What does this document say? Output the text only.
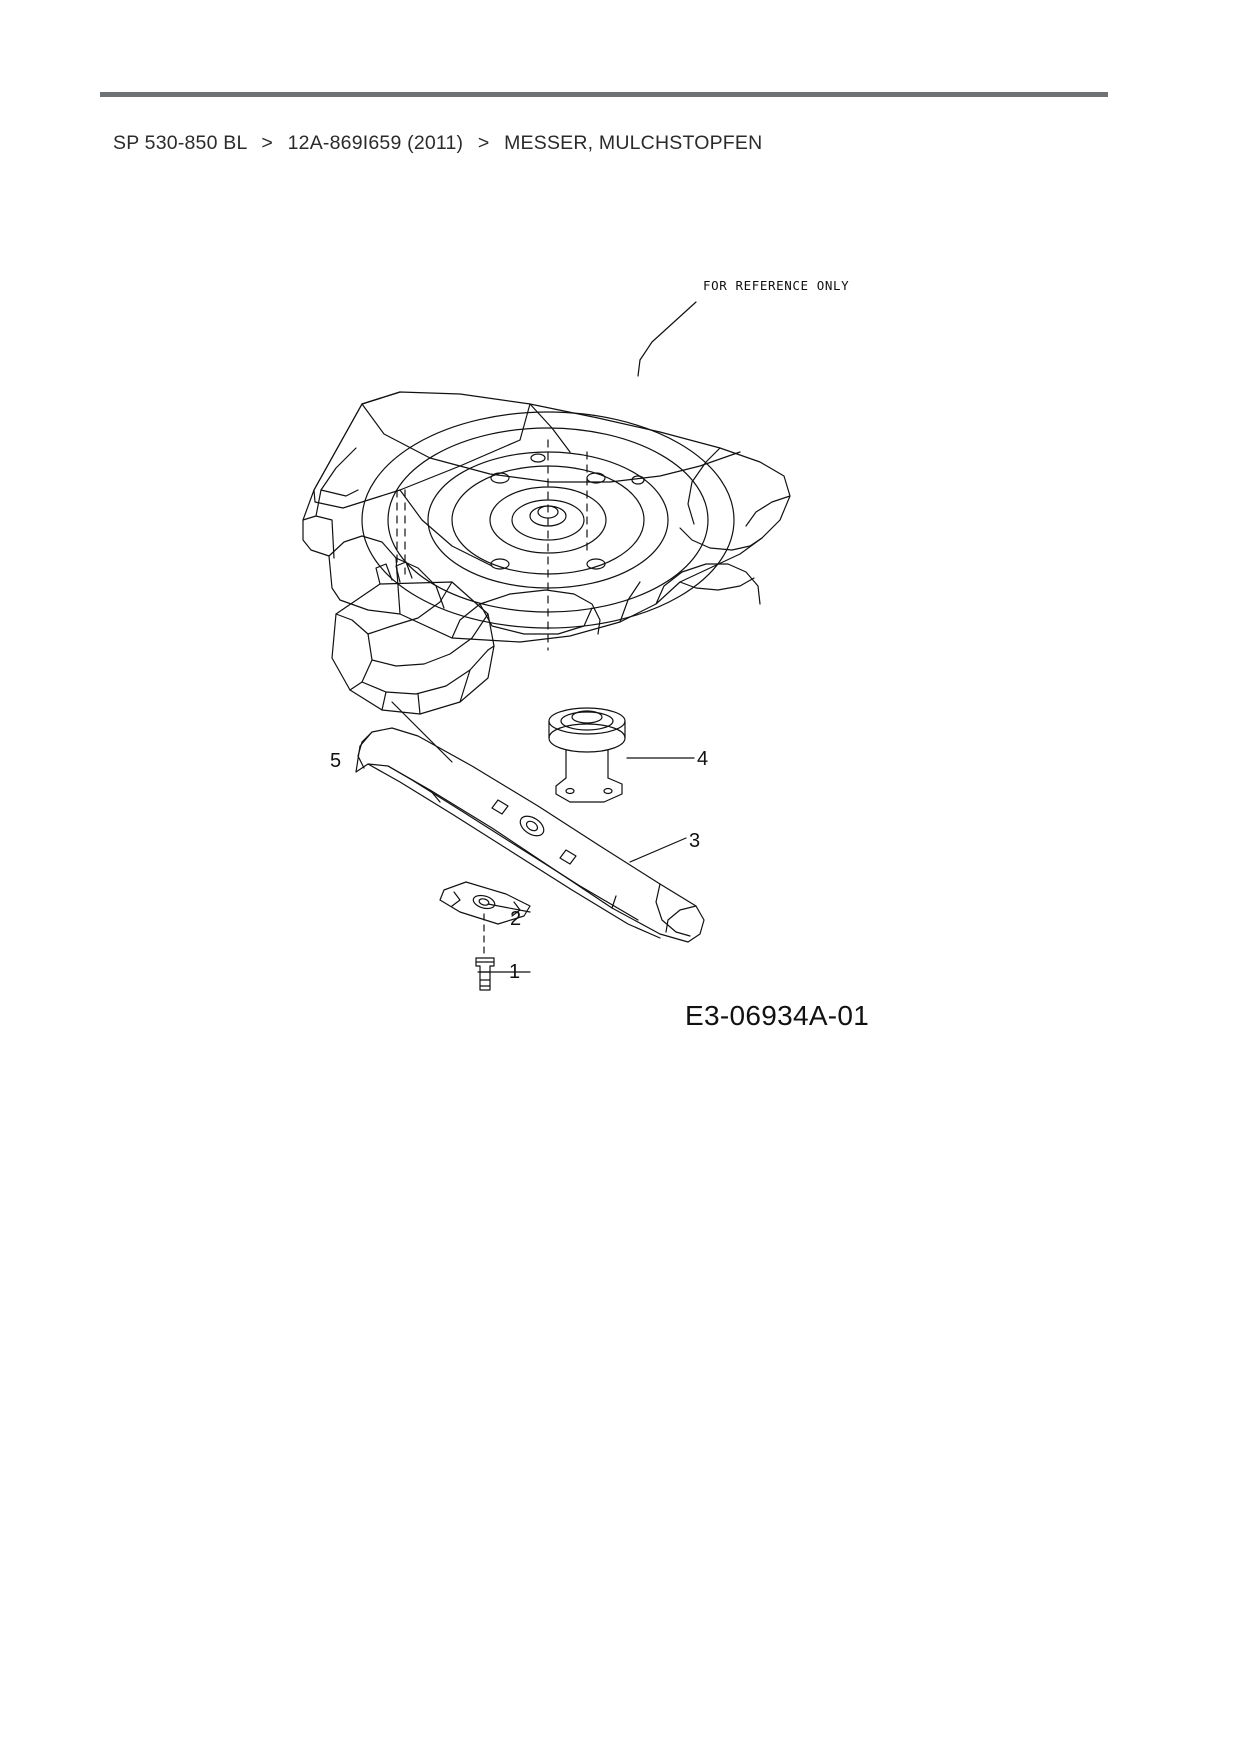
SP 530-850 BL > 12A-869I659 (2011) > MESSER, MULCHSTOPFEN
FOR REFERENCE ONLY
1
2
3
4
5
E3-06934A-01
